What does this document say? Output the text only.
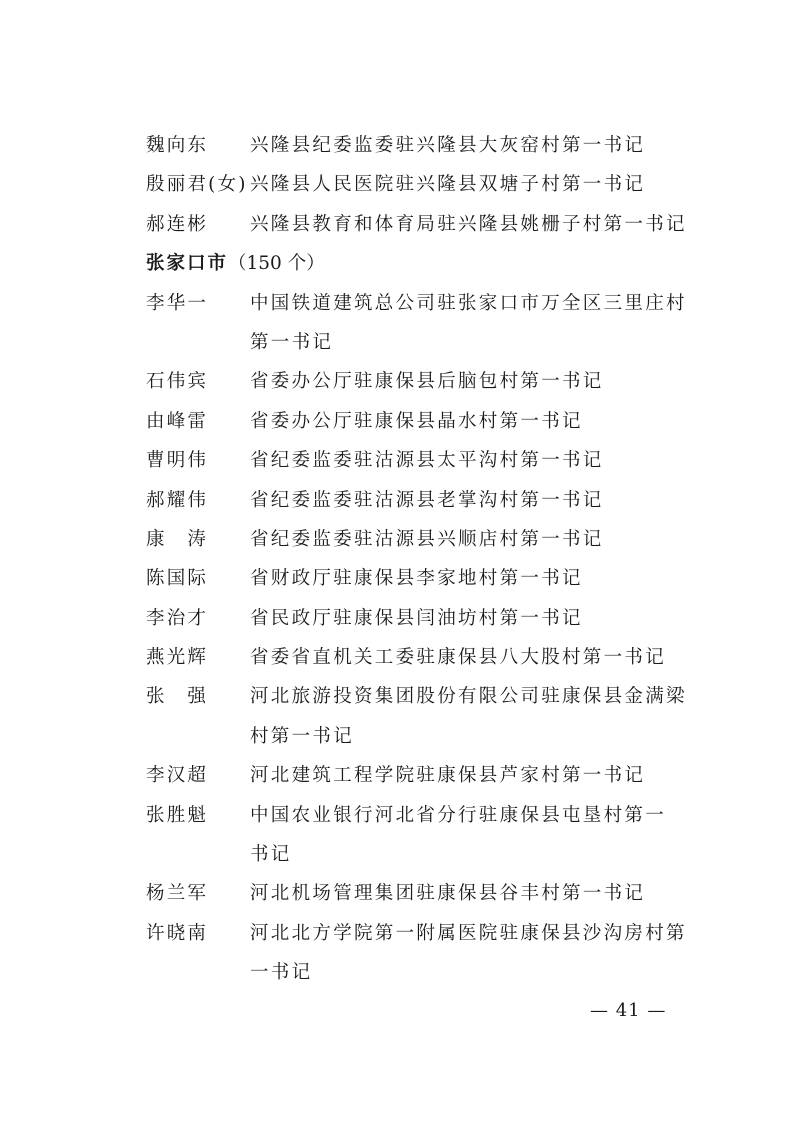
魏向东 兴隆县纪委监委驻兴隆县大灰窑村第一书记
殷丽君(女) 兴隆县人民医院驻兴隆县双塘子村第一书记
郝连彬 兴隆县教育和体育局驻兴隆县姚栅子村第一书记
张家口市（150 个）
李华一 中国铁道建筑总公司驻张家口市万全区三里庄村
第一书记
石伟宾 省委办公厅驻康保县后脑包村第一书记
由峰雷 省委办公厅驻康保县晶水村第一书记
曹明伟 省纪委监委驻沽源县太平沟村第一书记
郝耀伟 省纪委监委驻沽源县老掌沟村第一书记
康　涛 省纪委监委驻沽源县兴顺店村第一书记
陈国际 省财政厅驻康保县李家地村第一书记
李治才 省民政厅驻康保县闫油坊村第一书记
燕光辉 省委省直机关工委驻康保县八大股村第一书记
张　强 河北旅游投资集团股份有限公司驻康保县金满梁
村第一书记
李汉超 河北建筑工程学院驻康保县芦家村第一书记
张胜魁 中国农业银行河北省分行驻康保县屯垦村第一
书记
杨兰军 河北机场管理集团驻康保县谷丰村第一书记
许晓南 河北北方学院第一附属医院驻康保县沙沟房村第
一书记
— 41 —
